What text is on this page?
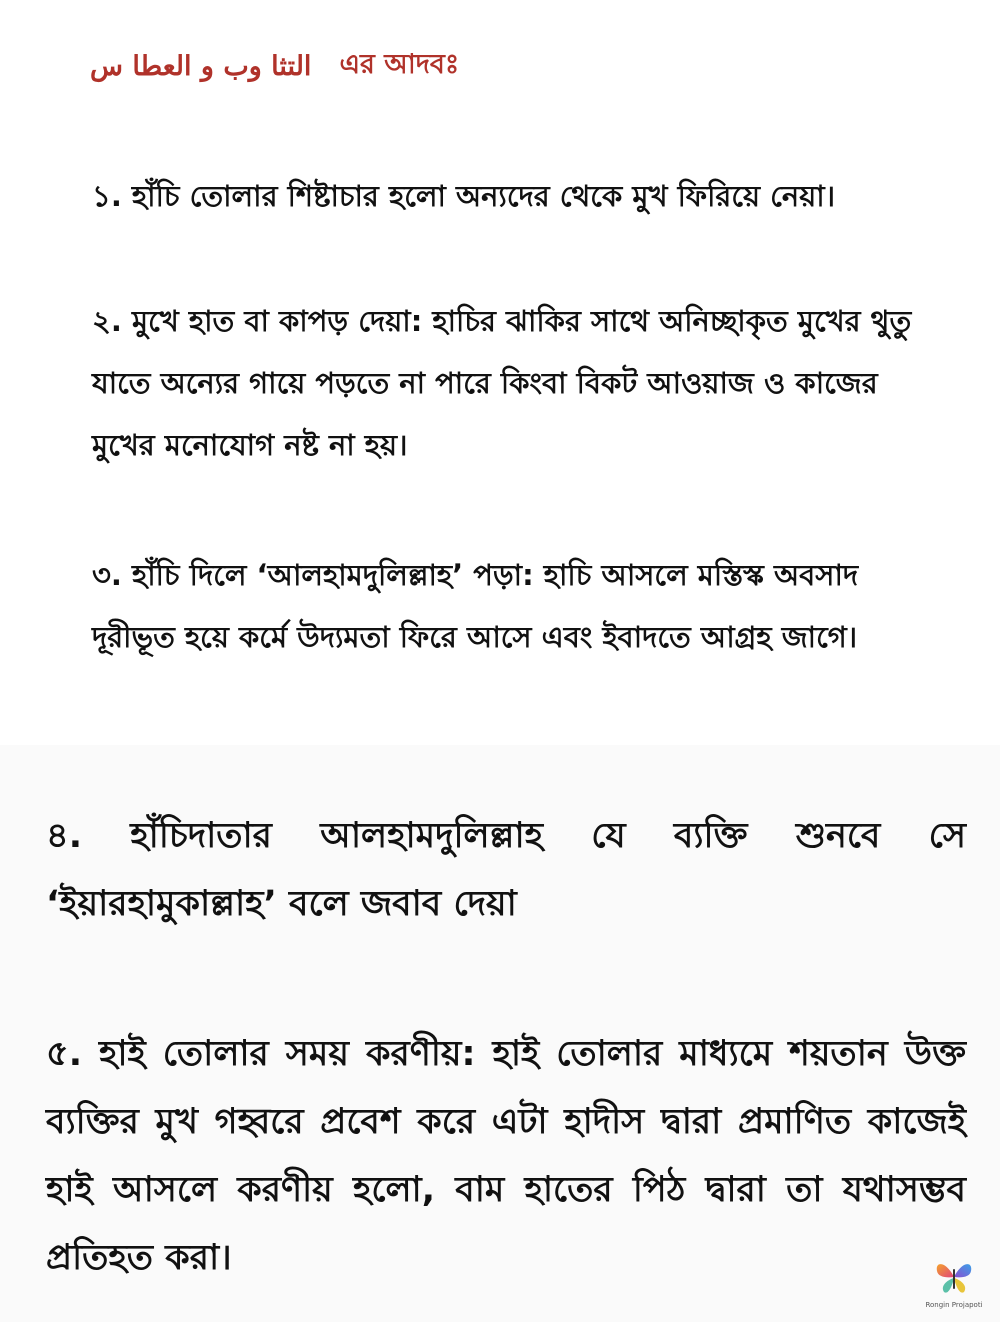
التثا وب و العطا س এর আদবঃ

১. হাঁচি তোলার শিষ্টাচার হলো অন্যদের থেকে মুখ ফিরিয়ে নেয়া।

২. মুখে হাত বা কাপড় দেয়া: হাচির ঝাকির সাথে অনিচ্ছাকৃত মুখের থুতু যাতে অন্যের গায়ে পড়তে না পারে কিংবা বিকট আওয়াজ ও কাজের মুখের মনোযোগ নষ্ট না হয়।

৩. হাঁচি দিলে ‘আলহামদুলিল্লাহ’ পড়া: হাচি আসলে মস্তিস্ক অবসাদ দূরীভূত হয়ে কর্মে উদ্যমতা ফিরে আসে এবং ইবাদতে আগ্রহ জাগে।

৪. হাঁচিদাতার আলহামদুলিল্লাহ যে ব্যক্তি শুনবে সে ‘ইয়ারহামুকাল্লাহ’ বলে জবাব দেয়া

৫. হাই তোলার সময় করণীয়: হাই তোলার মাধ্যমে শয়তান উক্ত ব্যক্তির মুখ গহ্বরে প্রবেশ করে এটা হাদীস দ্বারা প্রমাণিত কাজেই হাই আসলে করণীয় হলো, বাম হাতের পিঠ দ্বারা তা যথাসম্ভব প্রতিহত করা।

Rongin Projapoti
